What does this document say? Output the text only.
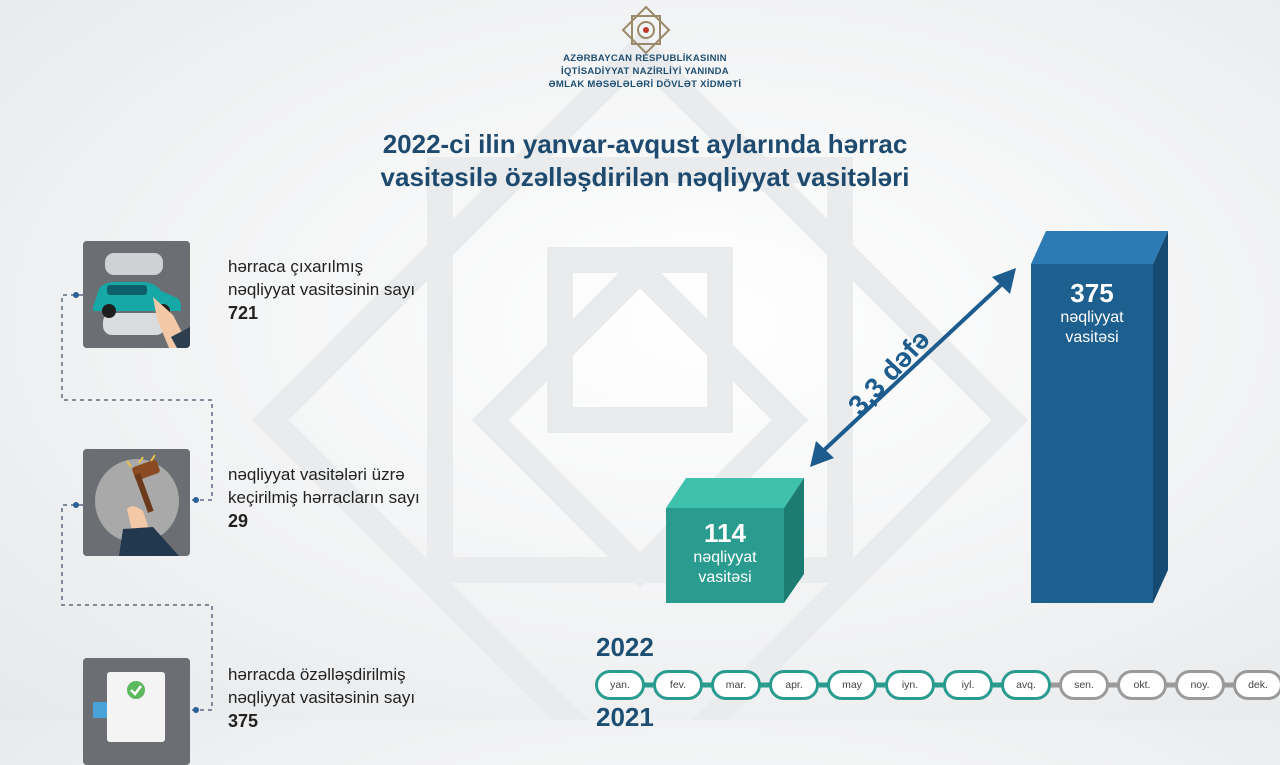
AZƏRBAYCAN RESPUBLİKASININ
İQTİSADİYYAT NAZİRLİYİ YANINDA
ƏMLAK MƏSƏLƏLƏRİ DÖVLƏT XİDMƏTİ
2022-ci ilin yanvar-avqust aylarında hərrac
vasitəsilə özəlləşdirilən nəqliyyat vasitələri
hərraca çıxarılmış
nəqliyyat vasitəsinin sayı
721
nəqliyyat vasitələri üzrə
keçirilmiş hərracların sayı
29
hərracda özəlləşdirilmiş
nəqliyyat vasitəsinin sayı
375
114
nəqliyyat
vasitəsi
375
nəqliyyat
vasitəsi
3,3 dəfə
2022
2021
yan.	fev.	mar.	apr.	may	iyn.	iyl.	avq.	sen.	okt.	noy.	dek.
